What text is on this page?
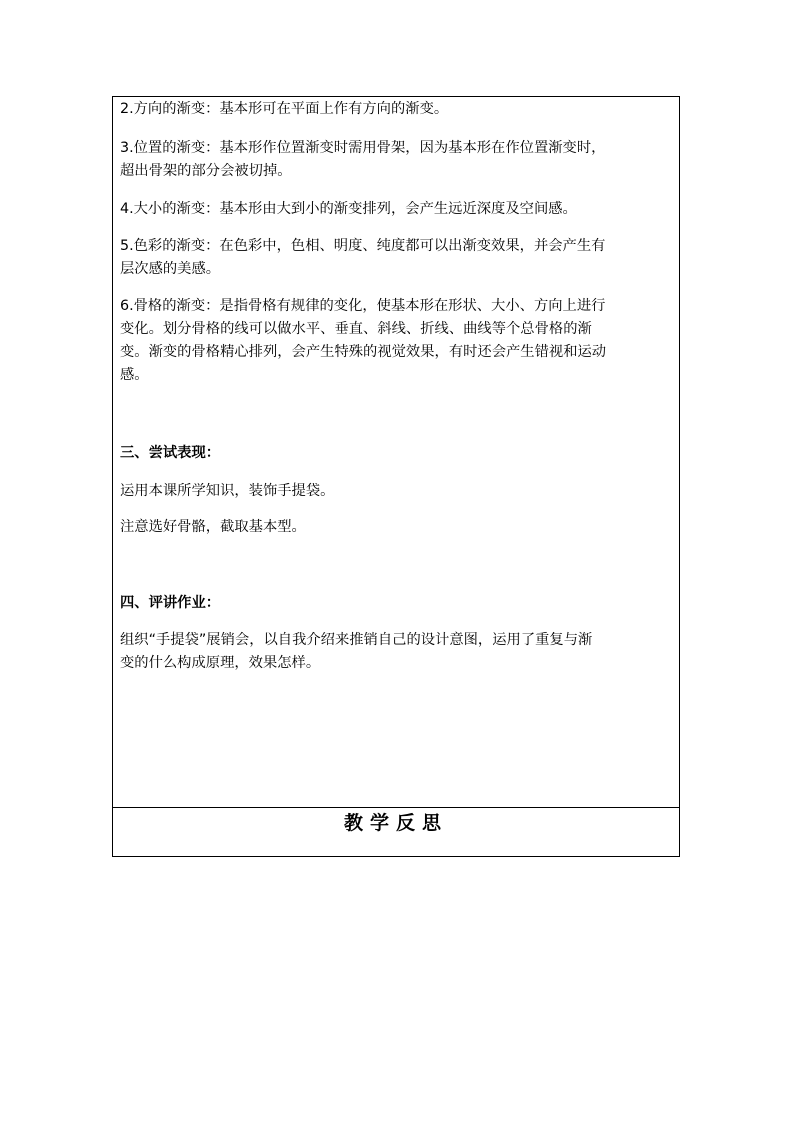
2.方向的渐变：基本形可在平面上作有方向的渐变。
3.位置的渐变：基本形作位置渐变时需用骨架，因为基本形在作位置渐变时，
超出骨架的部分会被切掉。
4.大小的渐变：基本形由大到小的渐变排列，会产生远近深度及空间感。
5.色彩的渐变：在色彩中，色相、明度、纯度都可以出渐变效果，并会产生有
层次感的美感。
6.骨格的渐变：是指骨格有规律的变化，使基本形在形状、大小、方向上进行
变化。划分骨格的线可以做水平、垂直、斜线、折线、曲线等个总骨格的渐
变。渐变的骨格精心排列，会产生特殊的视觉效果，有时还会产生错视和运动
感。
三、尝试表现：
运用本课所学知识，装饰手提袋。
注意选好骨骼，截取基本型。
四、评讲作业：
组织“手提袋”展销会，以自我介绍来推销自己的设计意图，运用了重复与渐
变的什么构成原理，效果怎样。
教学反思
